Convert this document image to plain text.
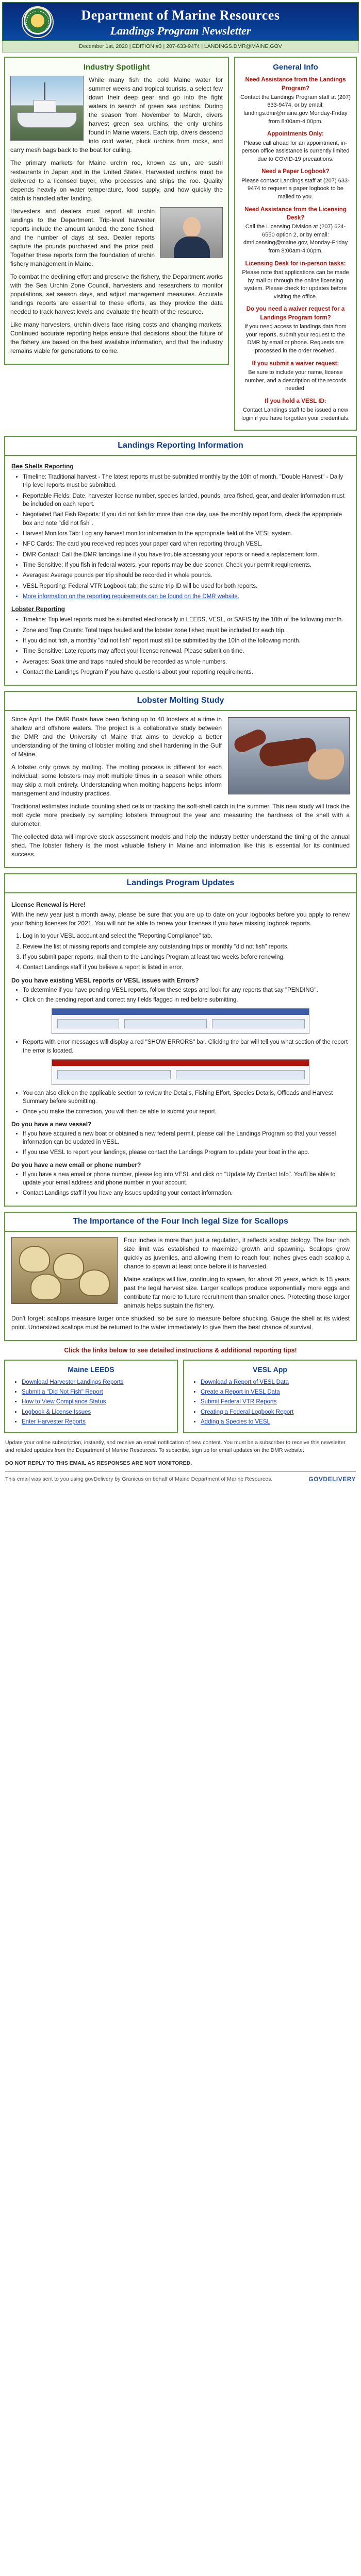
Department of Marine Resources
Landings Program Newsletter
December 1st, 2020 | EDITION #3 | 207-633-9474 | LANDINGS.DMR@MAINE.GOV
Industry Spotlight

While many fish the cold Maine water for summer weeks and tropical tourists, a select few down their deep gear and go into the fight waters in search of green sea urchins. During the season from November to March, divers harvest green sea urchins, the only urchins found in Maine waters. Each trip, divers descend into cold water, pluck urchins from rocks, and carry mesh bags back to the boat for culling.

The primary markets for Maine urchin roe, known as uni, are sushi restaurants in Japan and in the United States. Harvested urchins must be delivered to a licensed buyer, who processes and ships the roe. Quality depends heavily on water temperature, food supply, and how quickly the catch is handled after landing.

Harvesters and dealers must report all urchin landings to the Department. Trip-level harvester reports include the amount landed, the zone fished, and the number of days at sea. Dealer reports capture the pounds purchased and the price paid. Together these reports form the foundation of urchin fishery management in Maine.

To combat the declining effort and preserve the fishery, the Department works with the Sea Urchin Zone Council, harvesters and researchers to monitor populations, set season days, and adjust management measures. Accurate landings reports are essential to these efforts, as they provide the data needed to track harvest levels and evaluate the health of the resource.

Like many harvesters, urchin divers face rising costs and changing markets. Continued accurate reporting helps ensure that decisions about the future of the fishery are based on the best available information, and that the industry remains viable for generations to come.

General Info
Need Assistance from the Landings Program?
Contact the Landings Program staff at (207) 633-9474, or by email: landings.dmr@maine.gov Monday-Friday from 8:00am-4:00pm.
Appointments Only:
Please call ahead for an appointment, in-person office assistance is currently limited due to COVID-19 precautions.
Need a Paper Logbook?
Please contact Landings staff at (207) 633-9474 to request a paper logbook to be mailed to you.
Need Assistance from the Licensing Desk?
Call the Licensing Division at (207) 624-6550 option 2, or by email: dmrlicensing@maine.gov, Monday-Friday from 8:00am-4:00pm.
Licensing Desk for in-person tasks:
Please note that applications can be made by mail or through the online licensing system. Please check for updates before visiting the office.
Do you need a waiver request for a Landings Program form?
If you need access to landings data from your reports, submit your request to the DMR by email or phone. Requests are processed in the order received.
If you submit a waiver request:
Be sure to include your name, license number, and a description of the records needed.
If you hold a VESL ID:
Contact Landings staff to be issued a new login if you have forgotten your credentials.
Landings Reporting Information
Bee Shells Reporting
• Timeline: Traditional harvest - The latest reports must be submitted monthly by the 10th of month. "Double Harvest" - Daily trip level reports must be submitted.
• Reportable Fields: Date, harvester license number, species landed, pounds, area fished, gear, and dealer information must be included on each report.
• Negotiated Bait Fish Reports: If you did not fish for more than one day, use the monthly report form, check the appropriate box and note "did not fish".
• Harvest Monitors Tab: Log any harvest monitor information to the appropriate field of the VESL system.
• NFC Cards: The card you received replaces your paper card when reporting through VESL.
• DMR Contact: Call the DMR landings line if you have trouble accessing your reports or need a replacement form.
• Time Sensitive: If you fish in federal waters, your reports may be due sooner. Check your permit requirements.
• Averages: Average pounds per trip should be recorded in whole pounds.
• VESL Reporting: Federal VTR Logbook tab; the same trip ID will be used for both reports.
• More information on the reporting requirements can be found on the DMR website.
Lobster Reporting
• Timeline: Trip level reports must be submitted electronically in LEEDS, VESL, or SAFIS by the 10th of the following month.
• Zone and Trap Counts: Total traps hauled and the lobster zone fished must be included for each trip.
• If you did not fish, a monthly "did not fish" report must still be submitted by the 10th of the following month.
• Time Sensitive: Late reports may affect your license renewal. Please submit on time.
• Averages: Soak time and traps hauled should be recorded as whole numbers.
• Contact the Landings Program if you have questions about your reporting requirements.
Lobster Molting Study

Since April, the DMR Boats have been fishing up to 40 lobsters at a time in shallow and offshore waters. The project is a collaborative study between the DMR and the University of Maine that aims to develop a better understanding of the timing of lobster molting and shell hardening in the Gulf of Maine.

A lobster only grows by molting. The molting process is different for each individual; some lobsters may molt multiple times in a season while others may skip a molt entirely. Understanding when molting happens helps inform management and industry practices.

Traditional estimates include counting shed cells or tracking the soft-shell catch in the summer. This new study will track the molt cycle more precisely by sampling lobsters throughout the year and measuring the hardness of the shell with a durometer.

The collected data will improve stock assessment models and help the industry better understand the timing of the annual shed. The lobster fishery is the most valuable fishery in Maine and information like this is essential for its continued success.

Landings Program Updates
License Renewal is Here!

With the new year just a month away, please be sure that you are up to date on your logbooks before you apply to renew your fishing licenses for 2021. You will not be able to renew your licenses if you have missing logbook reports.

1. Log in to your VESL account and select the "Reporting Compliance" tab.
2. Review the list of missing reports and complete any outstanding trips or monthly "did not fish" reports.
3. If you submit paper reports, mail them to the Landings Program at least two weeks before renewing.
4. Contact Landings staff if you believe a report is listed in error.
Do you have existing VESL reports or VESL issues with Errors?
• To determine if you have pending VESL reports, follow these steps and look for any reports that say "PENDING".
• Click on the pending report and correct any fields flagged in red before submitting.
• Reports with error messages will display a red "SHOW ERRORS" bar. Clicking the bar will tell you what section of the report the error is located.
• You can also click on the applicable section to review the Details, Fishing Effort, Species Details, Offloads and Harvest Summary before submitting.
• Once you make the correction, you will then be able to submit your report.
Do you have a new vessel?
• If you have acquired a new boat or obtained a new federal permit, please call the Landings Program so that your vessel information can be updated in VESL.
• If you use VESL to report your landings, please contact the Landings Program to update your boat in the app.
Do you have a new email or phone number?
• If you have a new email or phone number, please log into VESL and click on "Update My Contact Info". You'll be able to update your email address and phone number in your account.
• Contact Landings staff if you have any issues updating your contact information.
The Importance of the Four Inch legal Size for Scallops

Four inches is more than just a regulation, it reflects scallop biology. The four inch size limit was established to maximize growth and spawning. Scallops grow quickly as juveniles, and allowing them to reach four inches gives each scallop a chance to spawn at least once before it is harvested.

Maine scallops will live, continuing to spawn, for about 20 years, which is 15 years past the legal harvest size. Larger scallops produce exponentially more eggs and contribute far more to future recruitment than smaller ones. Protecting those larger animals helps sustain the fishery.

Don't forget: scallops measure larger once shucked, so be sure to measure before shucking. Gauge the shell at its widest point. Undersized scallops must be returned to the water immediately to give them the best chance of survival.

Click the links below to see detailed instructions & additional reporting tips!
Maine LEEDS
• Download Harvester Landings Reports
• Submit a "Did Not Fish" Report
• How to View Compliance Status
• Logbook & License Issues
• Enter Harvester Reports
VESL App
• Download a Report of VESL Data
• Create a Report in VESL Data
• Submit Federal VTR Reports
• Creating a Federal Logbook Report
• Adding a Species to VESL
Update your online subscription, instantly, and receive an email notification of new content. You must be a subscriber to receive this newsletter and related updates from the Department of Marine Resources. To subscribe, sign up for email updates on the DMR website.
DO NOT REPLY TO THIS EMAIL AS RESPONSES ARE NOT MONITORED.
This email was sent to you using govDelivery by Granicus on behalf of Maine Department of Marine Resources.	GOVDELIVERY
